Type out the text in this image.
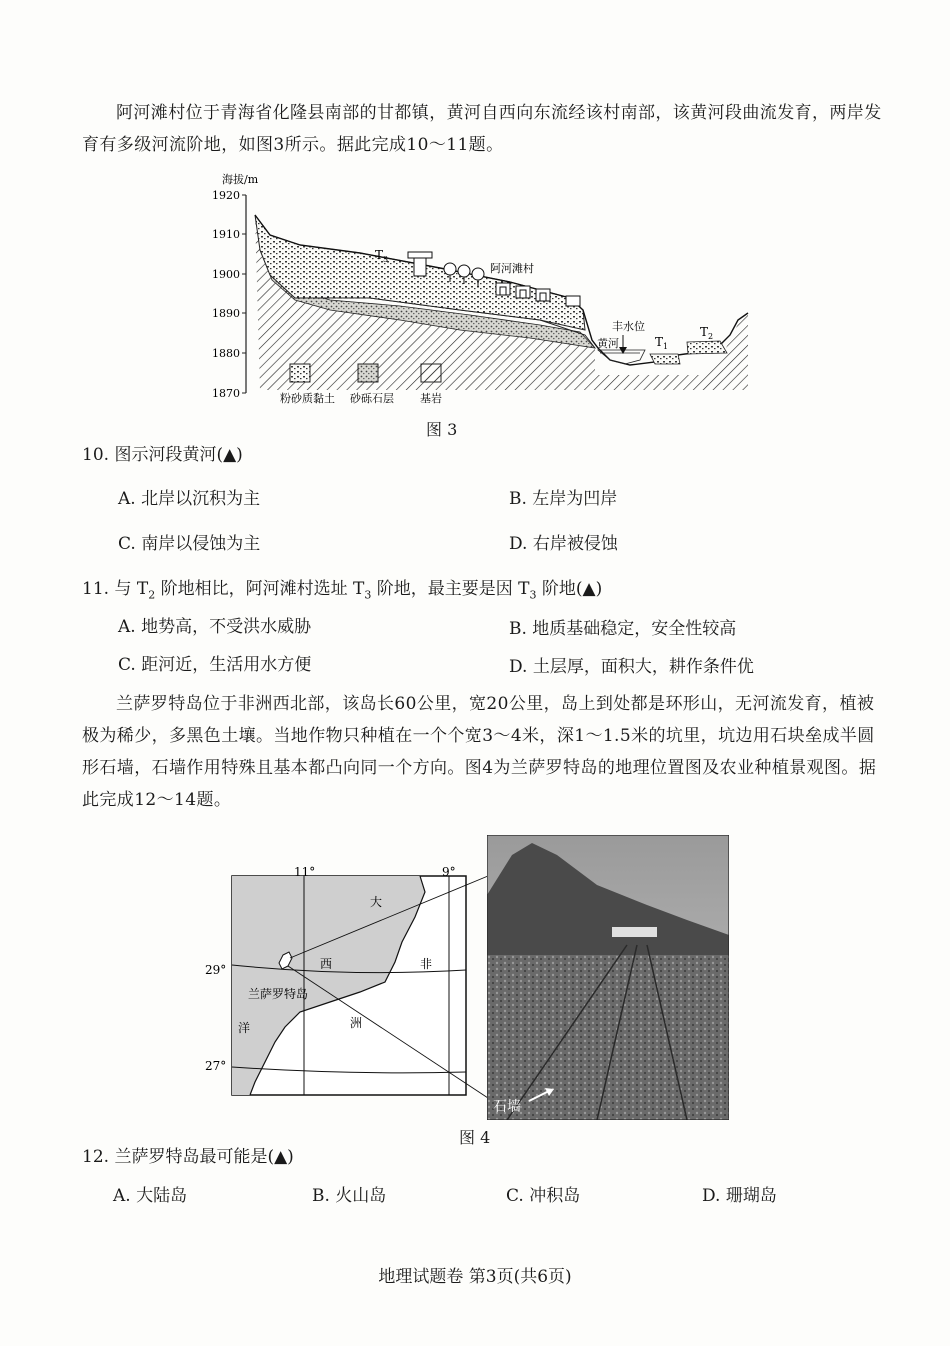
阿河滩村位于青海省化隆县南部的甘都镇，黄河自西向东流经该村南部，该黄河段曲流发育，两岸发育有多级河流阶地，如图3所示。据此完成10～11题。
海拔/m
1920
1910
1900
1890
1880
1870
丰水位
黄河
$T_3$
$T_1$
$T_2$
阿河滩村
粉砂质黏土 砂砾石层 基岩
图 3
10. 图示河段黄河(▲)
A. 北岸以沉积为主	B. 左岸为凹岸
C. 南岸以侵蚀为主	D. 右岸被侵蚀
11. 与 $T_2$ 阶地相比，阿河滩村选址 $T_3$ 阶地，最主要是因 $T_3$ 阶地(▲)
A. 地势高，不受洪水威胁	B. 地质基础稳定，安全性较高
C. 距河近，生活用水方便	D. 土层厚，面积大，耕作条件优
兰萨罗特岛位于非洲西北部，该岛长60公里，宽20公里，岛上到处都是环形山，无河流发育，植被极为稀少，多黑色土壤。当地作物只种植在一个个宽3～4米，深1～1.5米的坑里，坑边用石块垒成半圆形石墙，石墙作用特殊且基本都凸向同一个方向。图4为兰萨罗特岛的地理位置图及农业种植景观图。据此完成12～14题。
11°	9°
29°
27°
大
西	非
洲
洋
兰萨罗特岛
石墙
图 4
12. 兰萨罗特岛最可能是(▲)
A. 大陆岛	B. 火山岛	C. 冲积岛	D. 珊瑚岛
地理试题卷 第3页(共6页)
